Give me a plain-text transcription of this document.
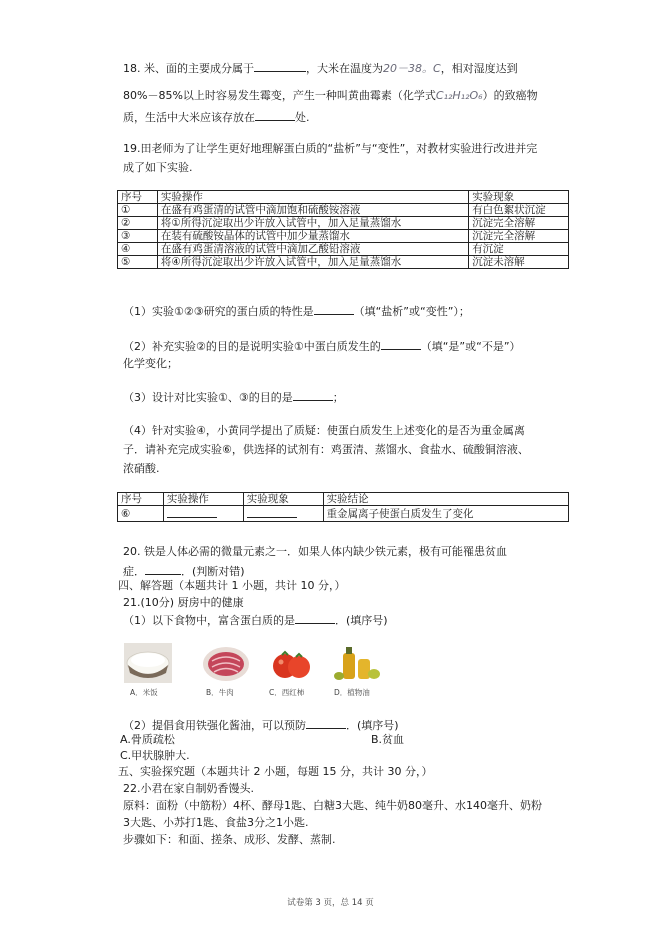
18. 米、面的主要成分属于	，大米在温度为20－38。C，相对湿度达到
80%－85%以上时容易发生霉变，产生一种叫黄曲霉素（化学式C₁₂H₁₂O₆）的致癌物
质，生活中大米应该存放在	处.
19.田老师为了让学生更好地理解蛋白质的“盐析”与“变性”，对教材实验进行改进并完
成了如下实验.
序号	实验操作	实验现象
①	在盛有鸡蛋清的试管中滴加饱和硫酸铵溶液	有白色絮状沉淀
②	将①所得沉淀取出少许放入试管中，加入足量蒸馏水	沉淀完全溶解
③	在装有硫酸铵晶体的试管中加少量蒸馏水	沉淀完全溶解
④	在盛有鸡蛋清溶液的试管中滴加乙酸铅溶液	有沉淀
⑤	将④所得沉淀取出少许放入试管中，加入足量蒸馏水	沉淀未溶解
（1）实验①②③研究的蛋白质的特性是	（填“盐析”或“变性”）；
（2）补充实验②的目的是说明实验①中蛋白质发生的	（填“是”或“不是”）
化学变化；
（3）设计对比实验①、③的目的是	；
（4）针对实验④，小黄同学提出了质疑：使蛋白质发生上述变化的是否为重金属离
子．请补充完成实验⑥，供选择的试剂有：鸡蛋清、蒸馏水、食盐水、硫酸铜溶液、
浓硝酸.
序号	实验操作	实验现象	实验结论
⑥			重金属离子使蛋白质发生了变化
20. 铁是人体必需的微量元素之一．如果人体内缺少铁元素，极有可能罹患贫血
症．	．(判断对错)
四、解答题（本题共计 1 小题，共计 10 分，）
21.(10分) 厨房中的健康
（1）以下食物中，富含蛋白质的是	．(填序号)
A．米饭	B．牛肉	C．西红柿	D．植物油
（2）提倡食用铁强化酱油，可以预防	．(填序号)
A.骨质疏松	B.贫血
C.甲状腺肿大.
五、实验探究题（本题共计 2 小题，每题 15 分，共计 30 分，）
22.小君在家自制奶香馒头.
原料：面粉（中筋粉）4杯、酵母1匙、白糖3大匙、纯牛奶80毫升、水140毫升、奶粉
3大匙、小苏打1匙、食盐3分之1小匙.
步骤如下：和面、搓条、成形、发酵、蒸制.
试卷第 3 页，总 14 页
